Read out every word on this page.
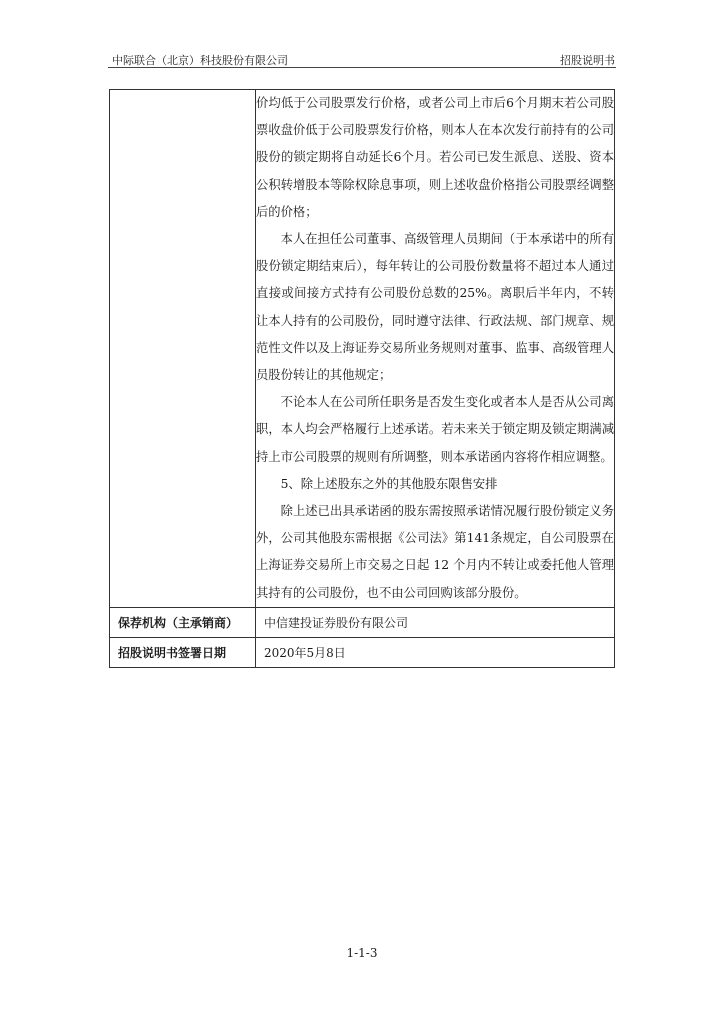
中际联合（北京）科技股份有限公司	招股说明书

	价均低于公司股票发行价格，或者公司上市后6个月期末若公司股票收盘价低于公司股票发行价格，则本人在本次发行前持有的公司股份的锁定期将自动延长6个月。若公司已发生派息、送股、资本公积转增股本等除权除息事项，则上述收盘价格指公司股票经调整后的价格；

本人在担任公司董事、高级管理人员期间（于本承诺中的所有股份锁定期结束后），每年转让的公司股份数量将不超过本人通过直接或间接方式持有公司股份总数的25%。离职后半年内，不转让本人持有的公司股份，同时遵守法律、行政法规、部门规章、规范性文件以及上海证券交易所业务规则对董事、监事、高级管理人员股份转让的其他规定；

不论本人在公司所任职务是否发生变化或者本人是否从公司离职，本人均会严格履行上述承诺。若未来关于锁定期及锁定期满减持上市公司股票的规则有所调整，则本承诺函内容将作相应调整。

5、除上述股东之外的其他股东限售安排

除上述已出具承诺函的股东需按照承诺情况履行股份锁定义务外，公司其他股东需根据《公司法》第141条规定，自公司股票在上海证券交易所上市交易之日起 12 个月内不转让或委托他人管理其持有的公司股份，也不由公司回购该部分股份。

保荐机构（主承销商）	中信建投证券股份有限公司
招股说明书签署日期	2020年5月8日
1-1-3
